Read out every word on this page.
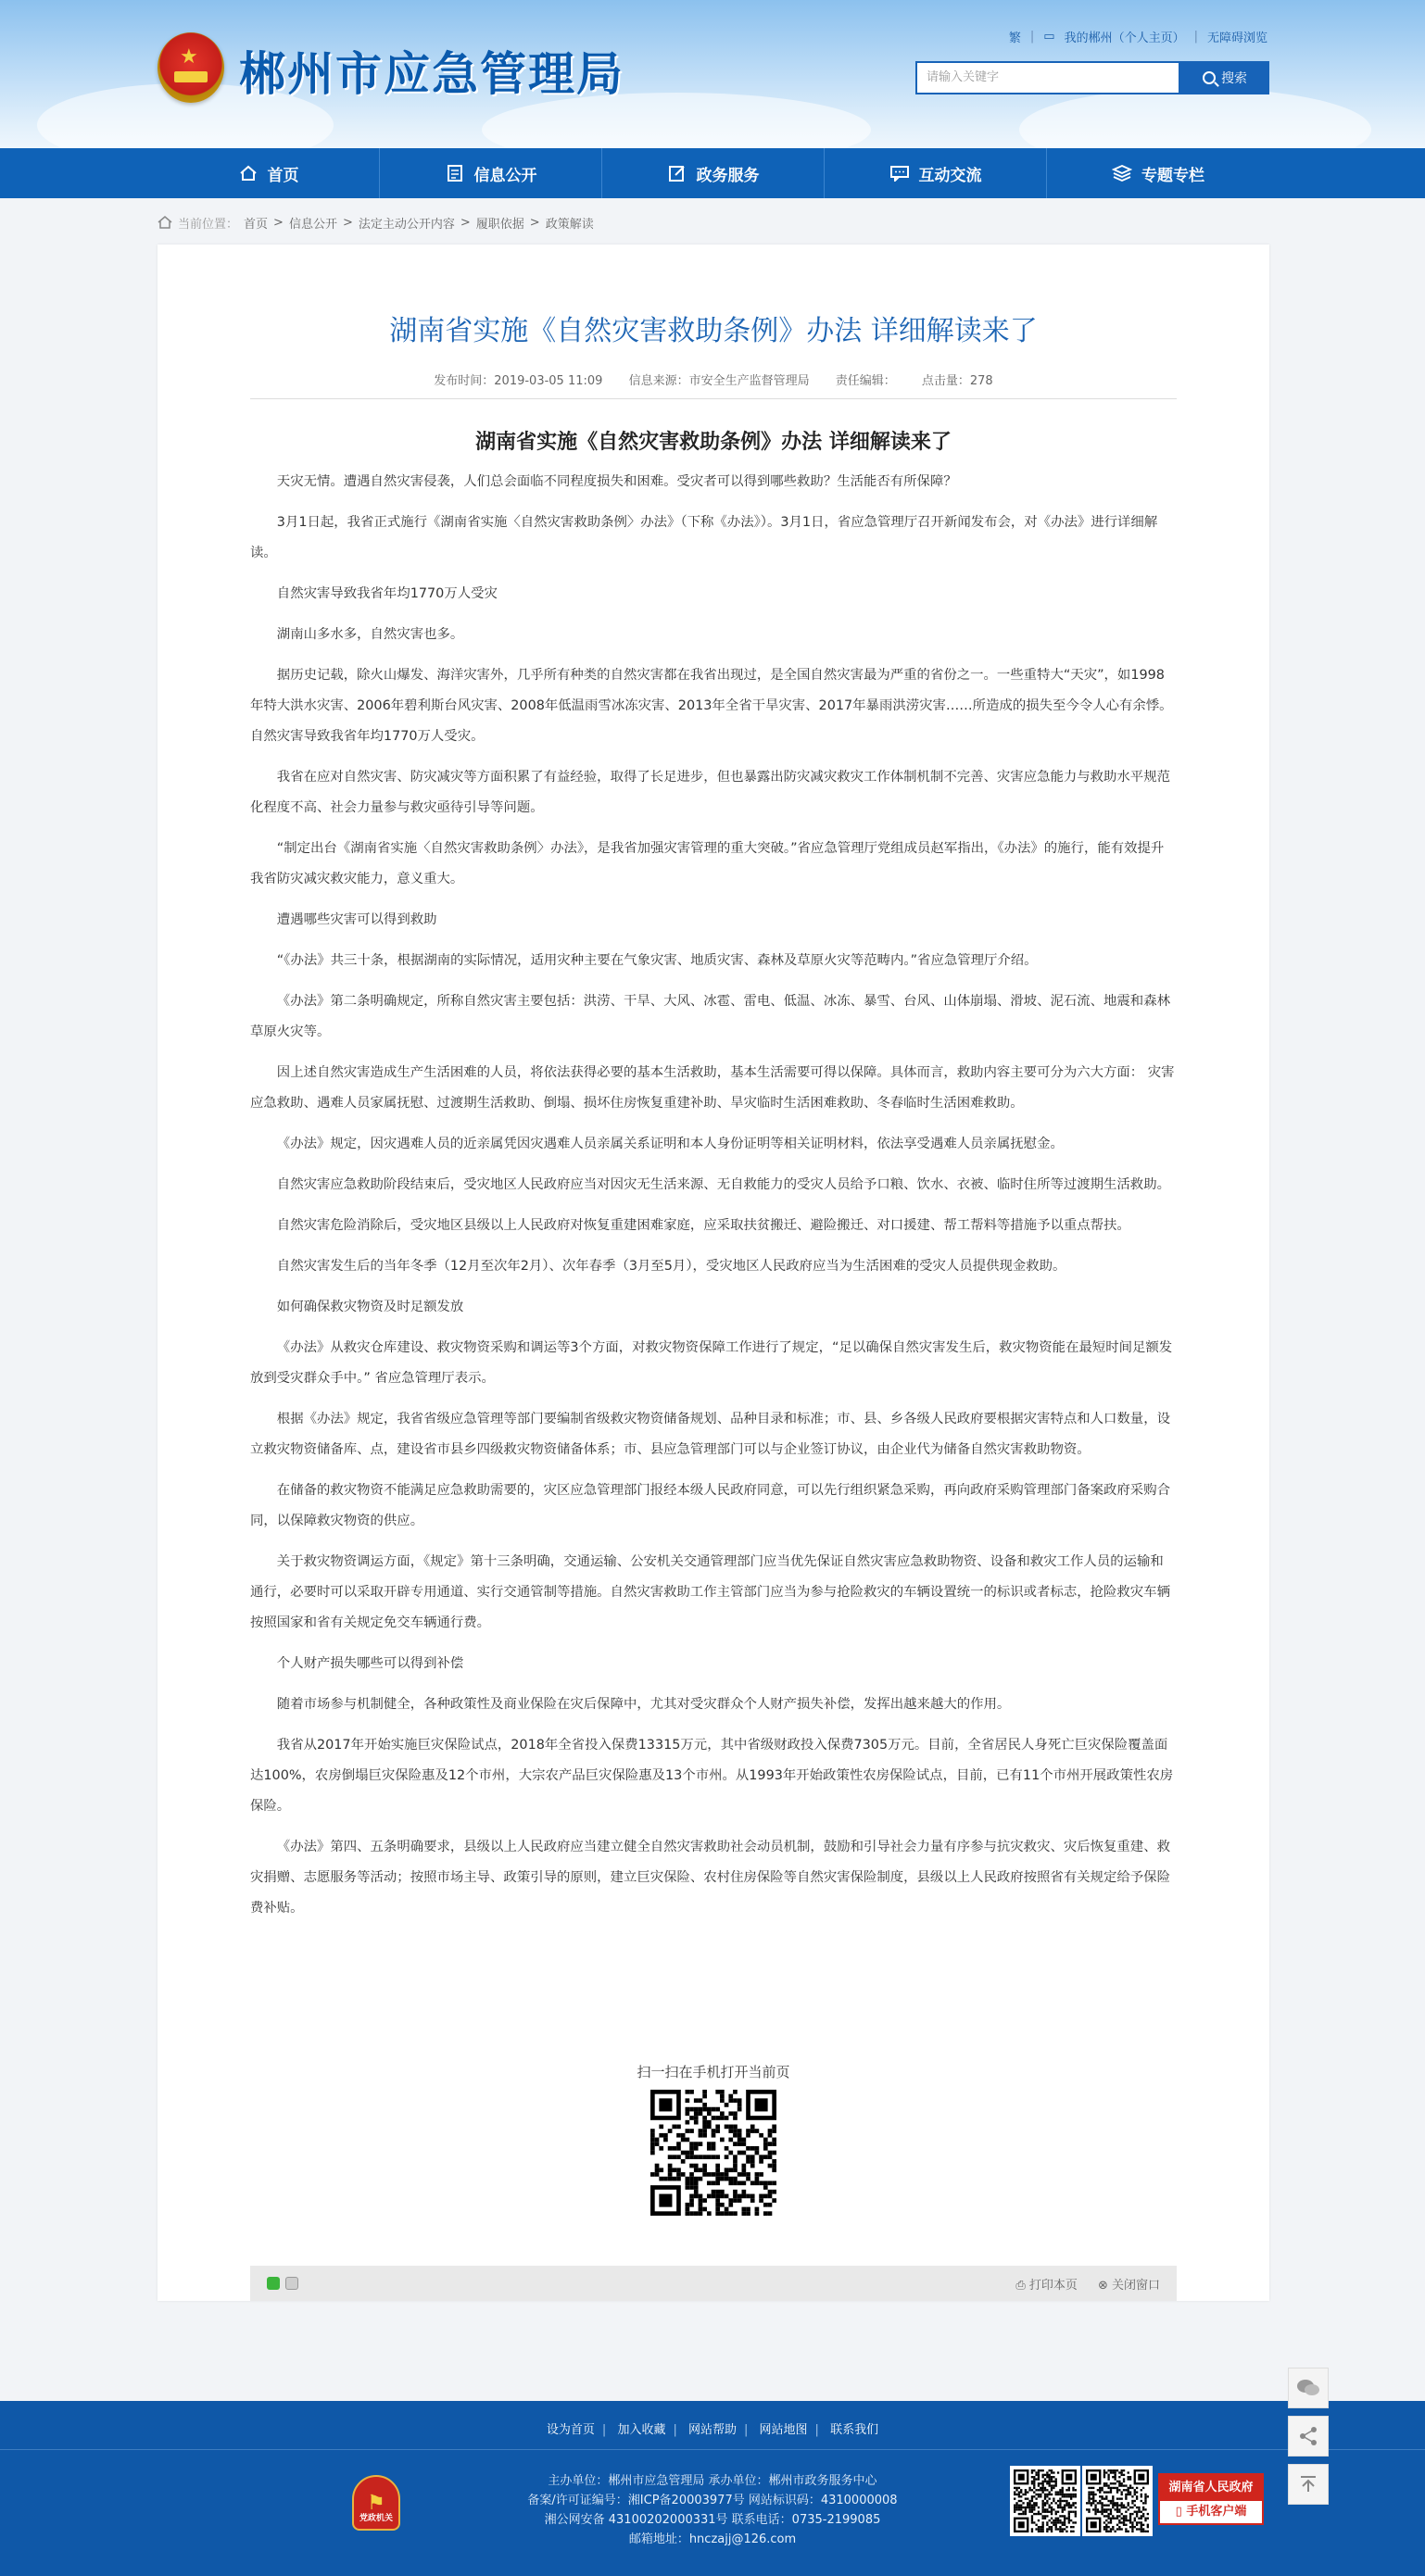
★ 郴州市应急管理局
繁 | ▭ 我的郴州（个人主页） | 无障碍浏览
请输入关键字	搜索
首页	信息公开	政务服务	互动交流	专题专栏
当前位置： 首页 > 信息公开 > 法定主动公开内容 > 履职依据 > 政策解读
湖南省实施《自然灾害救助条例》办法 详细解读来了
发布时间：2019-03-05 11:09 信息来源：市安全生产监督管理局 责任编辑： 点击量：278
湖南省实施《自然灾害救助条例》办法 详细解读来了

天灾无情。遭遇自然灾害侵袭，人们总会面临不同程度损失和困难。受灾者可以得到哪些救助？生活能否有所保障？

3月1日起，我省正式施行《湖南省实施〈自然灾害救助条例〉办法》（下称《办法》）。3月1日，省应急管理厅召开新闻发布会，对《办法》进行详细解读。

自然灾害导致我省年均1770万人受灾

湖南山多水多，自然灾害也多。

据历史记载，除火山爆发、海洋灾害外，几乎所有种类的自然灾害都在我省出现过，是全国自然灾害最为严重的省份之一。一些重特大“天灾”，如1998年特大洪水灾害、2006年碧利斯台风灾害、2008年低温雨雪冰冻灾害、2013年全省干旱灾害、2017年暴雨洪涝灾害……所造成的损失至今令人心有余悸。自然灾害导致我省年均1770万人受灾。

我省在应对自然灾害、防灾减灾等方面积累了有益经验，取得了长足进步，但也暴露出防灾减灾救灾工作体制机制不完善、灾害应急能力与救助水平规范化程度不高、社会力量参与救灾亟待引导等问题。

“制定出台《湖南省实施〈自然灾害救助条例〉办法》，是我省加强灾害管理的重大突破。”省应急管理厅党组成员赵军指出，《办法》的施行，能有效提升我省防灾减灾救灾能力，意义重大。

遭遇哪些灾害可以得到救助

“《办法》共三十条，根据湖南的实际情况，适用灾种主要在气象灾害、地质灾害、森林及草原火灾等范畴内。”省应急管理厅介绍。

《办法》第二条明确规定，所称自然灾害主要包括：洪涝、干旱、大风、冰雹、雷电、低温、冰冻、暴雪、台风、山体崩塌、滑坡、泥石流、地震和森林草原火灾等。

因上述自然灾害造成生产生活困难的人员，将依法获得必要的基本生活救助，基本生活需要可得以保障。具体而言，救助内容主要可分为六大方面： 灾害应急救助、遇难人员家属抚慰、过渡期生活救助、倒塌、损坏住房恢复重建补助、旱灾临时生活困难救助、冬春临时生活困难救助。

《办法》规定，因灾遇难人员的近亲属凭因灾遇难人员亲属关系证明和本人身份证明等相关证明材料，依法享受遇难人员亲属抚慰金。

自然灾害应急救助阶段结束后，受灾地区人民政府应当对因灾无生活来源、无自救能力的受灾人员给予口粮、饮水、衣被、临时住所等过渡期生活救助。

自然灾害危险消除后，受灾地区县级以上人民政府对恢复重建困难家庭，应采取扶贫搬迁、避险搬迁、对口援建、帮工帮料等措施予以重点帮扶。

自然灾害发生后的当年冬季（12月至次年2月）、次年春季（3月至5月），受灾地区人民政府应当为生活困难的受灾人员提供现金救助。

如何确保救灾物资及时足额发放

《办法》从救灾仓库建设、救灾物资采购和调运等3个方面，对救灾物资保障工作进行了规定，“足以确保自然灾害发生后，救灾物资能在最短时间足额发放到受灾群众手中。” 省应急管理厅表示。

根据《办法》规定，我省省级应急管理等部门要编制省级救灾物资储备规划、品种目录和标准；市、县、乡各级人民政府要根据灾害特点和人口数量，设立救灾物资储备库、点，建设省市县乡四级救灾物资储备体系；市、县应急管理部门可以与企业签订协议，由企业代为储备自然灾害救助物资。

在储备的救灾物资不能满足应急救助需要的，灾区应急管理部门报经本级人民政府同意，可以先行组织紧急采购，再向政府采购管理部门备案政府采购合同，以保障救灾物资的供应。

关于救灾物资调运方面，《规定》第十三条明确，交通运输、公安机关交通管理部门应当优先保证自然灾害应急救助物资、设备和救灾工作人员的运输和通行，必要时可以采取开辟专用通道、实行交通管制等措施。自然灾害救助工作主管部门应当为参与抢险救灾的车辆设置统一的标识或者标志，抢险救灾车辆按照国家和省有关规定免交车辆通行费。

个人财产损失哪些可以得到补偿

随着市场参与机制健全，各种政策性及商业保险在灾后保障中，尤其对受灾群众个人财产损失补偿，发挥出越来越大的作用。

我省从2017年开始实施巨灾保险试点，2018年全省投入保费13315万元，其中省级财政投入保费7305万元。目前，全省居民人身死亡巨灾保险覆盖面达100%，农房倒塌巨灾保险惠及12个市州，大宗农产品巨灾保险惠及13个市州。从1993年开始政策性农房保险试点，目前，已有11个市州开展政策性农房保险。

《办法》第四、五条明确要求，县级以上人民政府应当建立健全自然灾害救助社会动员机制，鼓励和引导社会力量有序参与抗灾救灾、灾后恢复重建、救灾捐赠、志愿服务等活动；按照市场主导、政策引导的原则，建立巨灾保险、农村住房保险等自然灾害保险制度，县级以上人民政府按照省有关规定给予保险费补贴。

扫一扫在手机打开当前页
⎙ 打印本页 ⊗ 关闭窗口
设为首页 | 加入收藏 | 网站帮助 | 网站地图 | 联系我们
党政机关
⚑
主办单位：郴州市应急管理局 承办单位：郴州市政务服务中心
备案/许可证编号：湘ICP备20003977号 网站标识码：4310000008
湘公网安备 43100202000331号 联系电话：0735-2199085
邮箱地址：hnczajj@126.com
湖南省人民政府
▯ 手机客户端
